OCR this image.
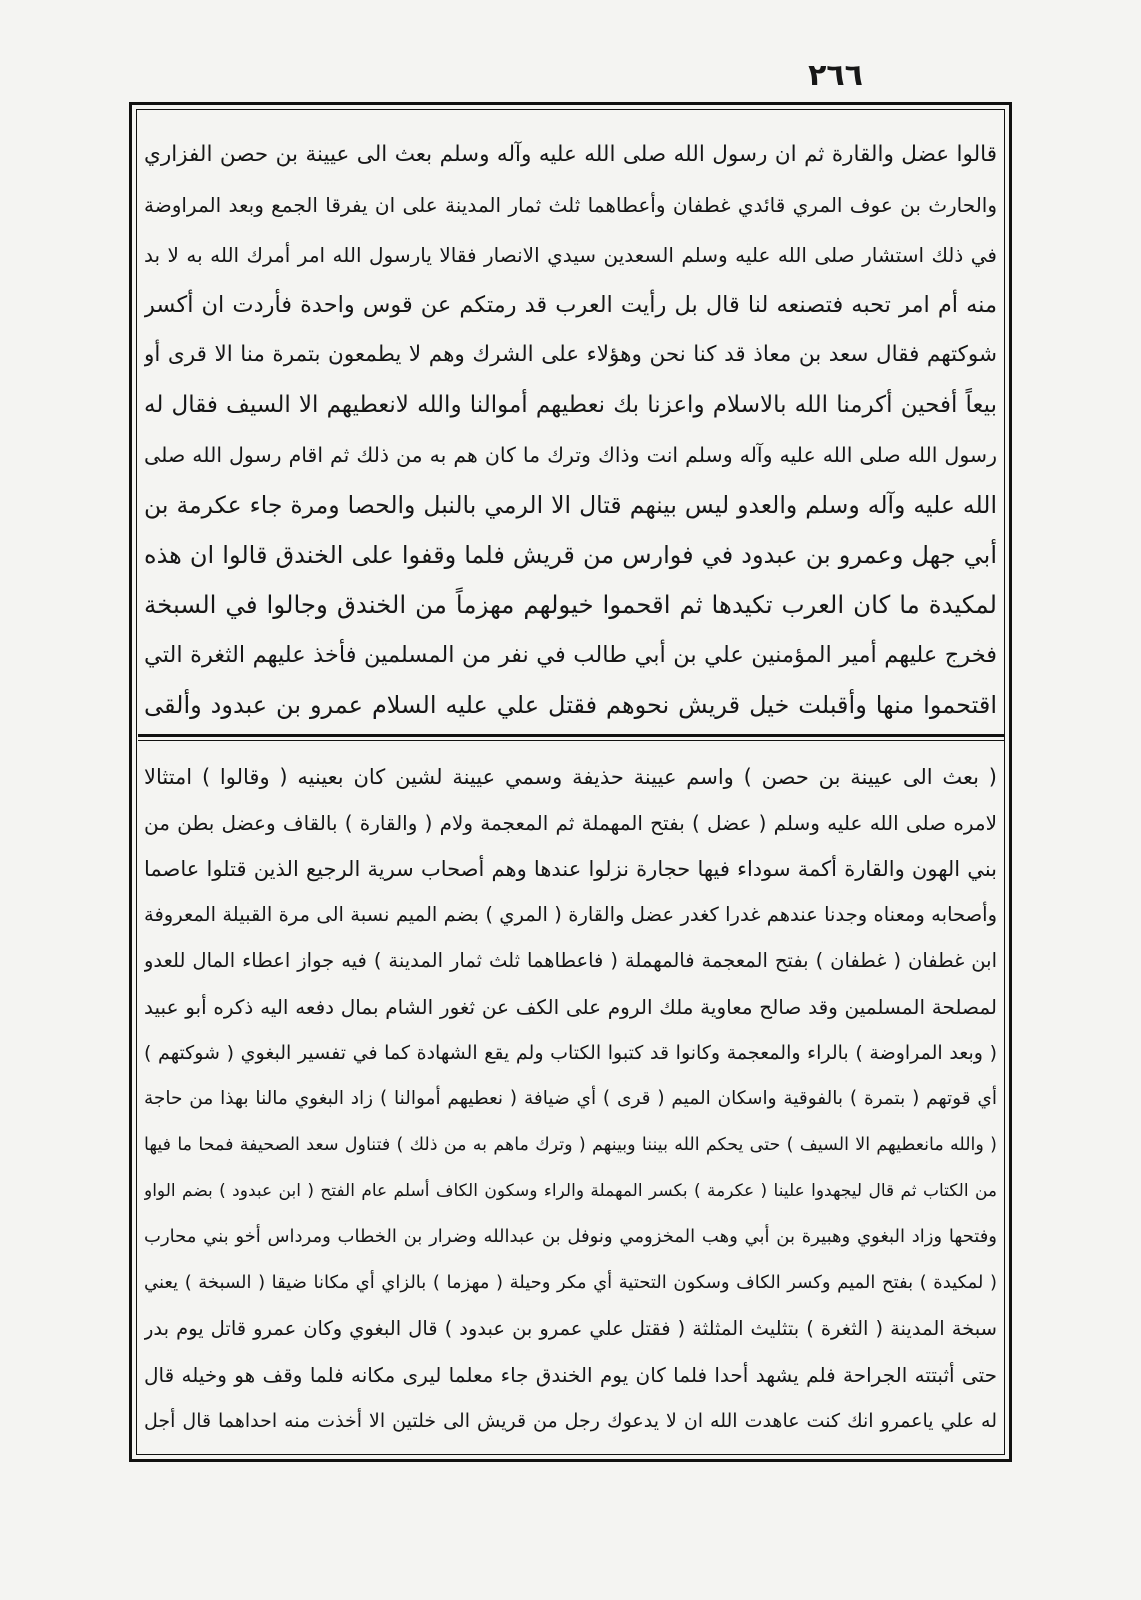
٢٦٦
قالوا عضل والقارة ثم ان رسول الله صلى الله عليه وآله وسلم بعث الى عيينة بن حصن الفزاري
والحارث بن عوف المري قائدي غطفان وأعطاهما ثلث ثمار المدينة على ان يفرقا الجمع وبعد المراوضة
في ذلك استشار صلى الله عليه وسلم السعدين سيدي الانصار فقالا يارسول الله امر أمرك الله به لا بد
منه أم امر تحبه فتصنعه لنا قال بل رأيت العرب قد رمتكم عن قوس واحدة فأردت ان أكسر
شوكتهم فقال سعد بن معاذ قد كنا نحن وهؤلاء على الشرك وهم لا يطمعون بتمرة منا الا قرى أو
بيعاً أفحين أكرمنا الله بالاسلام واعزنا بك نعطيهم أموالنا والله لانعطيهم الا السيف فقال له
رسول الله صلى الله عليه وآله وسلم انت وذاك وترك ما كان هم به من ذلك ثم اقام رسول الله صلى
الله عليه وآله وسلم والعدو ليس بينهم قتال الا الرمي بالنبل والحصا ومرة جاء عكرمة بن
أبي جهل وعمرو بن عبدود في فوارس من قريش فلما وقفوا على الخندق قالوا ان هذه
لمكيدة ما كان العرب تكيدها ثم اقحموا خيولهم مهزماً من الخندق وجالوا في السبخة
فخرج عليهم أمير المؤمنين علي بن أبي طالب في نفر من المسلمين فأخذ عليهم الثغرة التي
اقتحموا منها وأقبلت خيل قريش نحوهم فقتل علي عليه السلام عمرو بن عبدود وألقى
( بعث الى عيينة بن حصن ) واسم عيينة حذيفة وسمي عيينة لشين كان بعينيه ( وقالوا ) امتثالا
لامره صلى الله عليه وسلم ( عضل ) بفتح المهملة ثم المعجمة ولام ( والقارة ) بالقاف وعضل بطن من
بني الهون والقارة أكمة سوداء فيها حجارة نزلوا عندها وهم أصحاب سرية الرجيع الذين قتلوا عاصما
وأصحابه ومعناه وجدنا عندهم غدرا كغدر عضل والقارة ( المري ) بضم الميم نسبة الى مرة القبيلة المعروفة
ابن غطفان ( غطفان ) بفتح المعجمة فالمهملة ( فاعطاهما ثلث ثمار المدينة ) فيه جواز اعطاء المال للعدو
لمصلحة المسلمين وقد صالح معاوية ملك الروم على الكف عن ثغور الشام بمال دفعه اليه ذكره أبو عبيد
( وبعد المراوضة ) بالراء والمعجمة وكانوا قد كتبوا الكتاب ولم يقع الشهادة كما في تفسير البغوي ( شوكتهم )
أي قوتهم ( بتمرة ) بالفوقية واسكان الميم ( قرى ) أي ضيافة ( نعطيهم أموالنا ) زاد البغوي مالنا بهذا من حاجة
( والله مانعطيهم الا السيف ) حتى يحكم الله بيننا وبينهم ( وترك ماهم به من ذلك ) فتناول سعد الصحيفة فمحا ما فيها
من الكتاب ثم قال ليجهدوا علينا ( عكرمة ) بكسر المهملة والراء وسكون الكاف أسلم عام الفتح ( ابن عبدود ) بضم الواو
وفتحها وزاد البغوي وهبيرة بن أبي وهب المخزومي ونوفل بن عبدالله وضرار بن الخطاب ومرداس أخو بني محارب
( لمكيدة ) بفتح الميم وكسر الكاف وسكون التحتية أي مكر وحيلة ( مهزما ) بالزاي أي مكانا ضيقا ( السبخة ) يعني
سبخة المدينة ( الثغرة ) بتثليث المثلثة ( فقتل علي عمرو بن عبدود ) قال البغوي وكان عمرو قاتل يوم بدر
حتى أثبتته الجراحة فلم يشهد أحدا فلما كان يوم الخندق جاء معلما ليرى مكانه فلما وقف هو وخيله قال
له علي ياعمرو انك كنت عاهدت الله ان لا يدعوك رجل من قريش الى خلتين الا أخذت منه احداهما قال أجل
